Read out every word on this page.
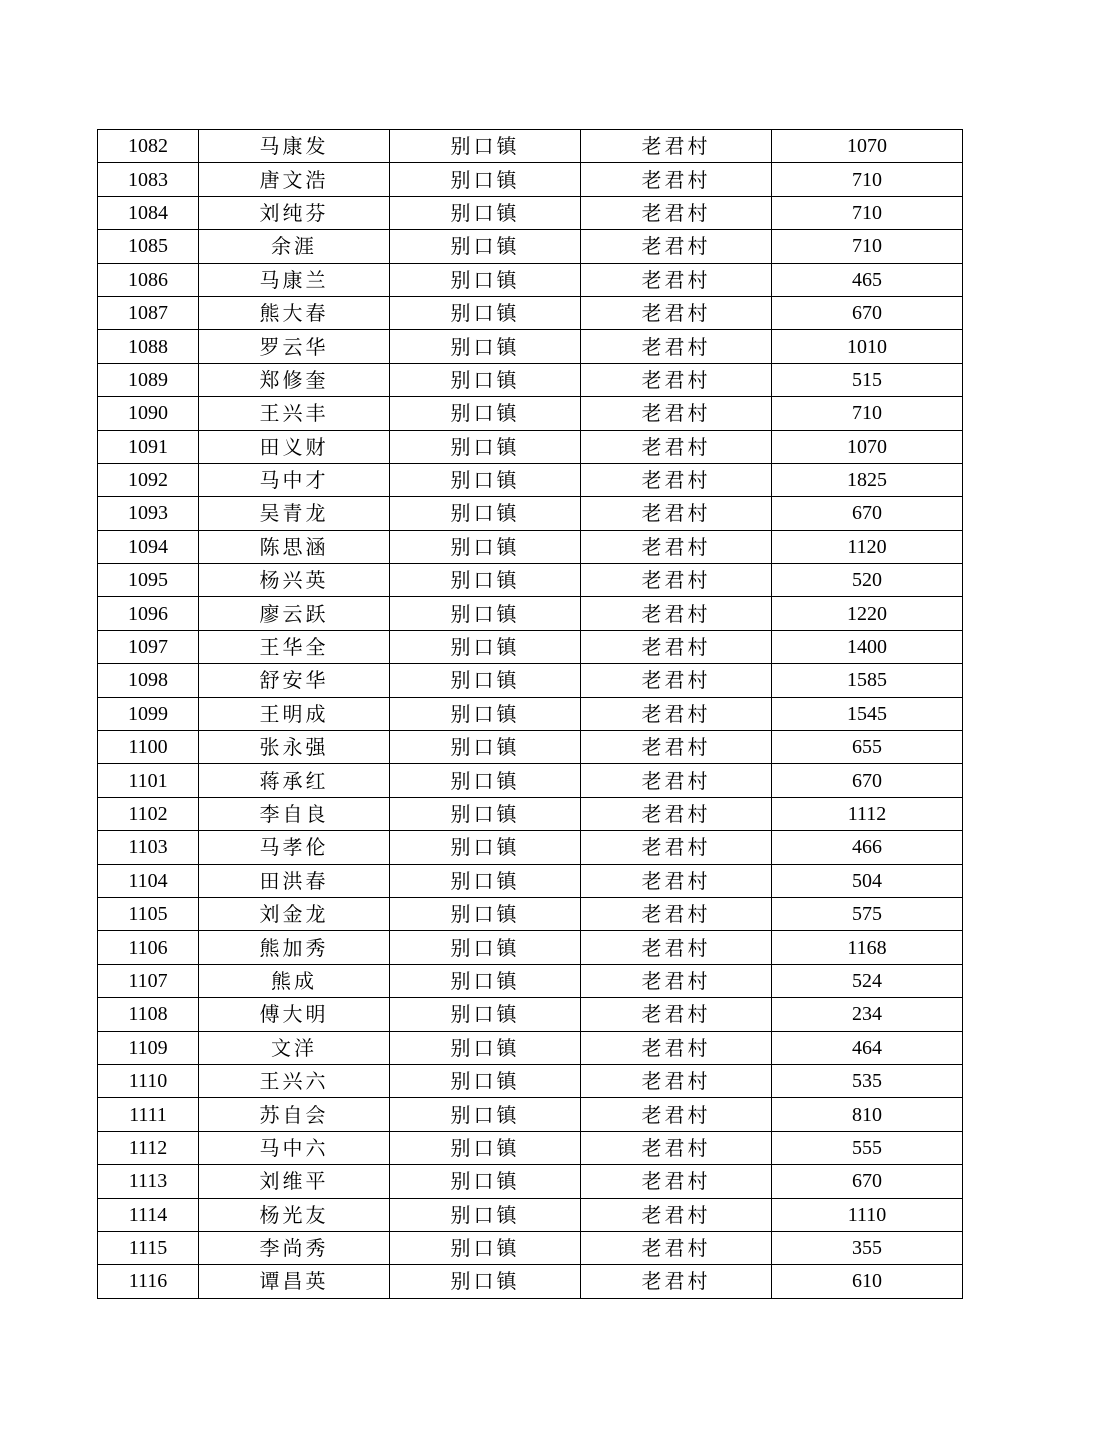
1082	马康发	别口镇	老君村	1070
1083	唐文浩	别口镇	老君村	710
1084	刘纯芬	别口镇	老君村	710
1085	余涯	别口镇	老君村	710
1086	马康兰	别口镇	老君村	465
1087	熊大春	别口镇	老君村	670
1088	罗云华	别口镇	老君村	1010
1089	郑修奎	别口镇	老君村	515
1090	王兴丰	别口镇	老君村	710
1091	田义财	别口镇	老君村	1070
1092	马中才	别口镇	老君村	1825
1093	吴青龙	别口镇	老君村	670
1094	陈思涵	别口镇	老君村	1120
1095	杨兴英	别口镇	老君村	520
1096	廖云跃	别口镇	老君村	1220
1097	王华全	别口镇	老君村	1400
1098	舒安华	别口镇	老君村	1585
1099	王明成	别口镇	老君村	1545
1100	张永强	别口镇	老君村	655
1101	蒋承红	别口镇	老君村	670
1102	李自良	别口镇	老君村	1112
1103	马孝伦	别口镇	老君村	466
1104	田洪春	别口镇	老君村	504
1105	刘金龙	别口镇	老君村	575
1106	熊加秀	别口镇	老君村	1168
1107	熊成	别口镇	老君村	524
1108	傅大明	别口镇	老君村	234
1109	文洋	别口镇	老君村	464
1110	王兴六	别口镇	老君村	535
1111	苏自会	别口镇	老君村	810
1112	马中六	别口镇	老君村	555
1113	刘维平	别口镇	老君村	670
1114	杨光友	别口镇	老君村	1110
1115	李尚秀	别口镇	老君村	355
1116	谭昌英	别口镇	老君村	610
